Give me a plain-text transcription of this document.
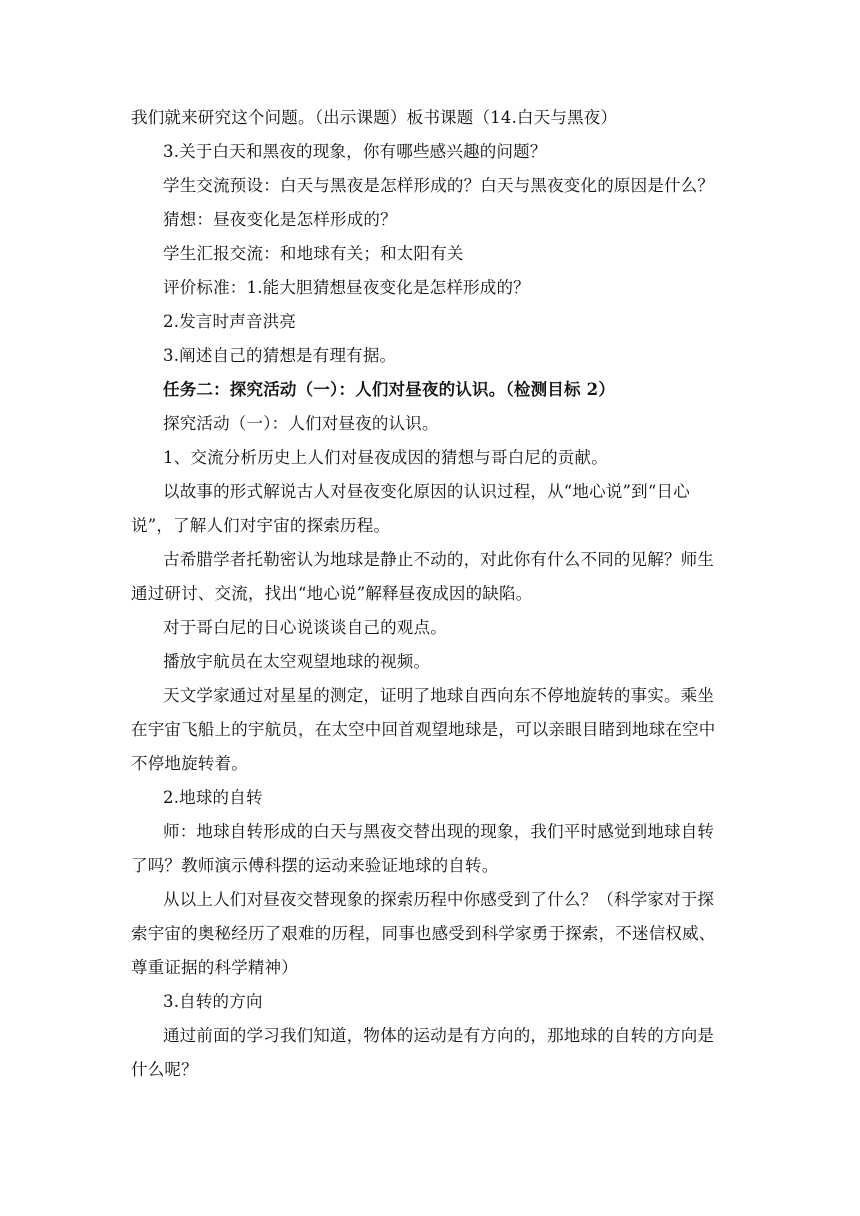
我们就来研究这个问题。（出示课题）板书课题（14.白天与黑夜）
3.关于白天和黑夜的现象，你有哪些感兴趣的问题？
学生交流预设：白天与黑夜是怎样形成的？白天与黑夜变化的原因是什么？
猜想：昼夜变化是怎样形成的？
学生汇报交流：和地球有关；和太阳有关
评价标准：1.能大胆猜想昼夜变化是怎样形成的？
2.发言时声音洪亮
3.阐述自己的猜想是有理有据。
任务二：探究活动（一）：人们对昼夜的认识。（检测目标 2）
探究活动（一）：人们对昼夜的认识。
1、交流分析历史上人们对昼夜成因的猜想与哥白尼的贡献。
以故事的形式解说古人对昼夜变化原因的认识过程，从“地心说”到“日心
说”，了解人们对宇宙的探索历程。
古希腊学者托勒密认为地球是静止不动的，对此你有什么不同的见解？师生
通过研讨、交流，找出“地心说”解释昼夜成因的缺陷。
对于哥白尼的日心说谈谈自己的观点。
播放宇航员在太空观望地球的视频。
天文学家通过对星星的测定，证明了地球自西向东不停地旋转的事实。乘坐
在宇宙飞船上的宇航员，在太空中回首观望地球是，可以亲眼目睹到地球在空中
不停地旋转着。
2.地球的自转
师：地球自转形成的白天与黑夜交替出现的现象，我们平时感觉到地球自转
了吗？教师演示傅科摆的运动来验证地球的自转。
从以上人们对昼夜交替现象的探索历程中你感受到了什么？（科学家对于探
索宇宙的奥秘经历了艰难的历程，同事也感受到科学家勇于探索，不迷信权威、
尊重证据的科学精神）
3.自转的方向
通过前面的学习我们知道，物体的运动是有方向的，那地球的自转的方向是
什么呢？
